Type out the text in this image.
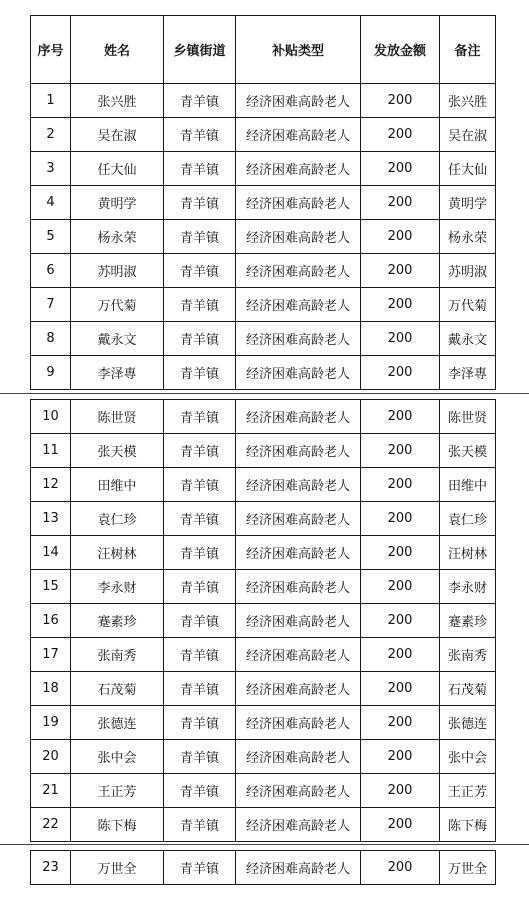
序号	姓名	乡镇街道	补贴类型	发放金额	备注
1	张兴胜	青羊镇	经济困难高龄老人	200	张兴胜
2	吴在淑	青羊镇	经济困难高龄老人	200	吴在淑
3	任大仙	青羊镇	经济困难高龄老人	200	任大仙
4	黄明学	青羊镇	经济困难高龄老人	200	黄明学
5	杨永荣	青羊镇	经济困难高龄老人	200	杨永荣
6	苏明淑	青羊镇	经济困难高龄老人	200	苏明淑
7	万代菊	青羊镇	经济困难高龄老人	200	万代菊
8	戴永文	青羊镇	经济困难高龄老人	200	戴永文
9	李泽專	青羊镇	经济困难高龄老人	200	李泽專
10	陈世贤	青羊镇	经济困难高龄老人	200	陈世贤
11	张天模	青羊镇	经济困难高龄老人	200	张天模
12	田维中	青羊镇	经济困难高龄老人	200	田维中
13	袁仁珍	青羊镇	经济困难高龄老人	200	袁仁珍
14	汪树林	青羊镇	经济困难高龄老人	200	汪树林
15	李永财	青羊镇	经济困难高龄老人	200	李永财
16	蹇素珍	青羊镇	经济困难高龄老人	200	蹇素珍
17	张南秀	青羊镇	经济困难高龄老人	200	张南秀
18	石茂菊	青羊镇	经济困难高龄老人	200	石茂菊
19	张德连	青羊镇	经济困难高龄老人	200	张德连
20	张中会	青羊镇	经济困难高龄老人	200	张中会
21	王正芳	青羊镇	经济困难高龄老人	200	王正芳
22	陈下梅	青羊镇	经济困难高龄老人	200	陈下梅
23	万世全	青羊镇	经济困难高龄老人	200	万世全
